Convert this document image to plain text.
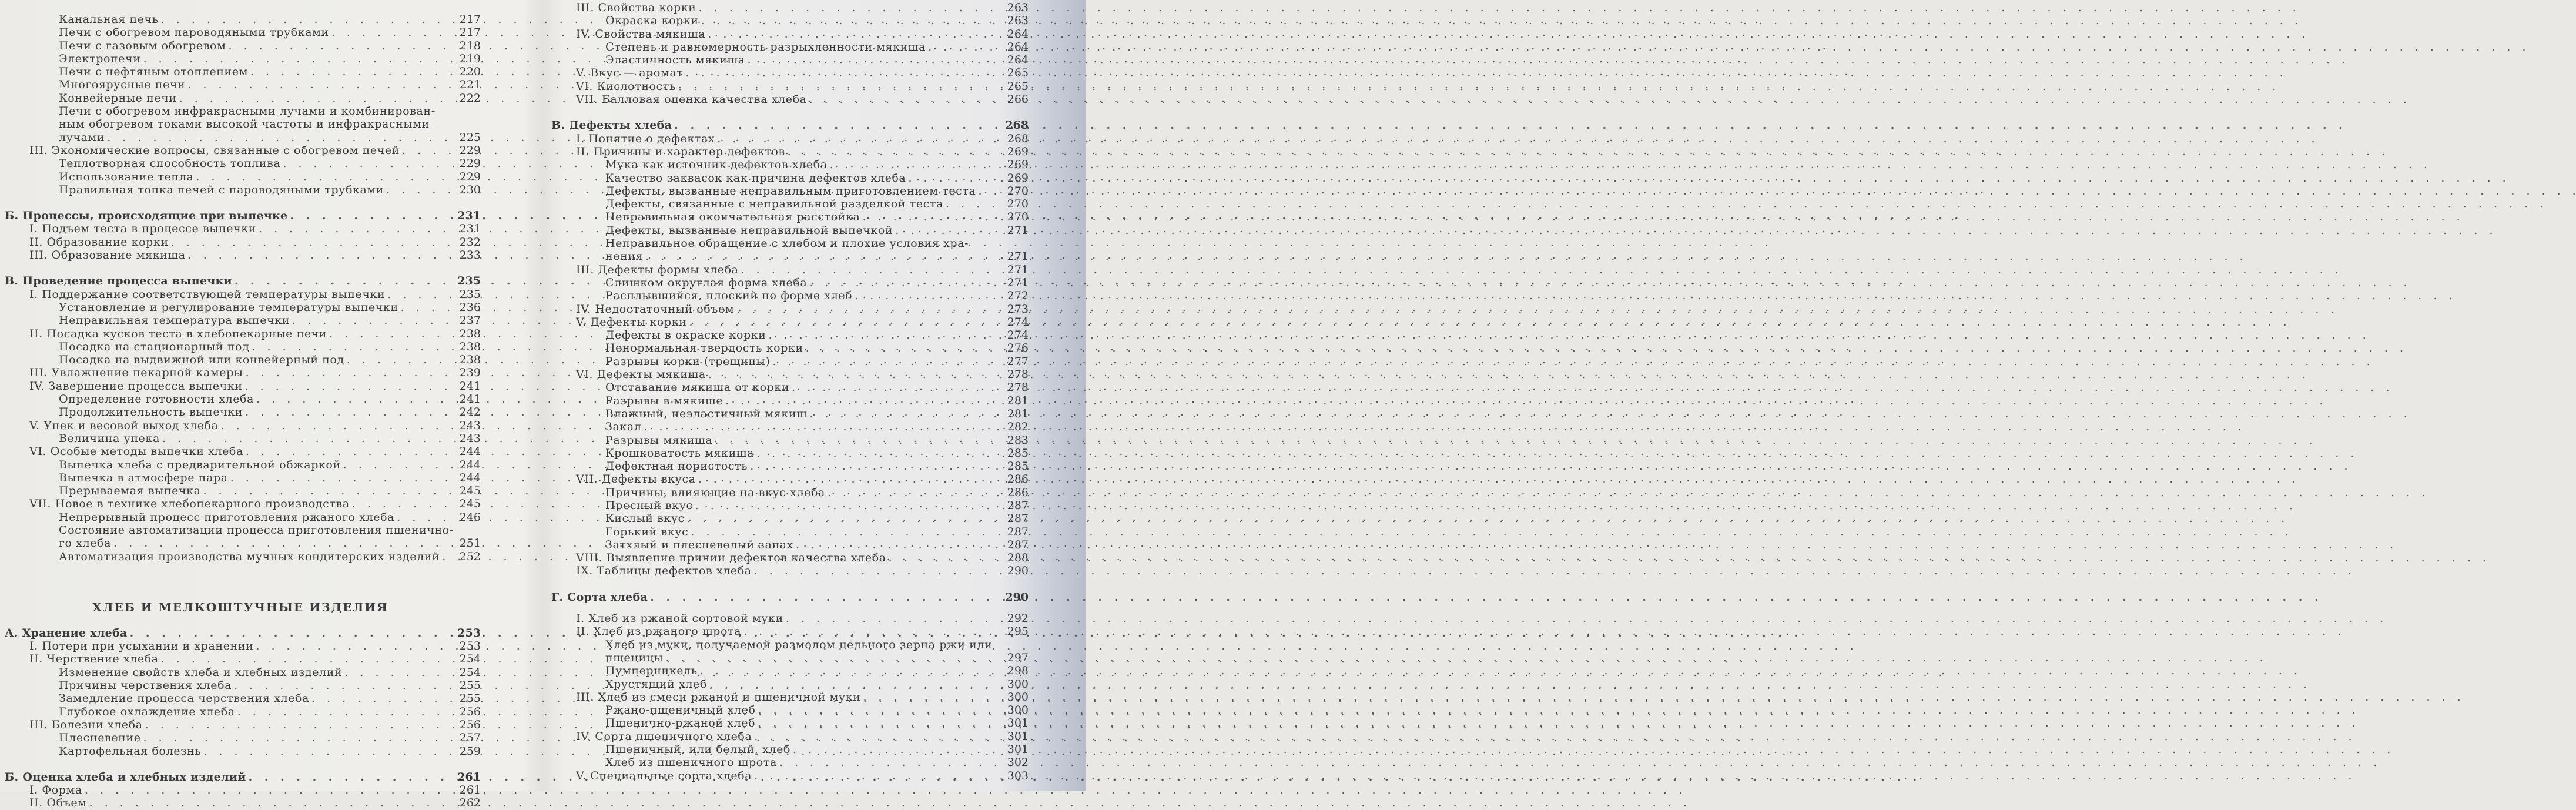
Канальная печь . . .	217
Печи с обогревом пароводяными трубками . . .	217
Печи с газовым обогревом . . .	218
Электропечи . . .	219
Печи с нефтяным отоплением . . .	220
Многоярусные печи . . .	221
Конвейерные печи . . .	222
Печи с обогревом инфракрасными лучами и комбинирован-
ным обогревом токами высокой частоты и инфракрасными
лучами . . .	225
III. Экономические вопросы, связанные с обогревом печей . . .	229
Теплотворная способность топлива . . .	229
Использование тепла . . .	229
Правильная топка печей с пароводяными трубками . . .	230
Б. Процессы, происходящие при выпечке . . .	231
I. Подъем теста в процессе выпечки . . .	231
II. Образование корки . . .	232
III. Образование мякиша . . .	233
В. Проведение процесса выпечки . . .	235
I. Поддержание соответствующей температуры выпечки . . .	235
Установление и регулирование температуры выпечки . . .	236
Неправильная температура выпечки . . .	237
II. Посадка кусков теста в хлебопекарные печи . . .	238
Посадка на стационарный под . . .	238
Посадка на выдвижной или конвейерный под . . .	238
III. Увлажнение пекарной камеры . . .	239
IV. Завершение процесса выпечки . . .	241
Определение готовности хлеба . . .	241
Продолжительность выпечки . . .	242
V. Упек и весовой выход хлеба . . .	243
Величина упека . . .	243
VI. Особые методы выпечки хлеба . . .	244
Выпечка хлеба с предварительной обжаркой . . .	244
Выпечка в атмосфере пара . . .	244
Прерываемая выпечка . . .	245
VII. Новое в технике хлебопекарного производства . . .	245
Непрерывный процесс приготовления ржаного хлеба . . .	246
Состояние автоматизации процесса приготовления пшенично-
го хлеба . . .	251
Автоматизация производства мучных кондитерских изделий . . .	252
ХЛЕБ И МЕЛКОШТУЧНЫЕ ИЗДЕЛИЯ
А. Хранение хлеба . . .	253
I. Потери при усыхании и хранении . . .	253
II. Черствение хлеба . . .	254
Изменение свойств хлеба и хлебных изделий . . .	254
Причины черствения хлеба . . .	255
Замедление процесса черствения хлеба . . .	255
Глубокое охлаждение хлеба . . .	256
III. Болезни хлеба . . .	256
Плесневение . . .	257
Картофельная болезнь . . .	259
Б. Оценка хлеба и хлебных изделий . . .	261
I. Форма . . .	261
II. Объем . . .	262
III. Свойства корки . . .	263
Окраска корки . . .	263
IV. Свойства мякиша . . .	264
Степень и равномерность разрыхленности мякиша . . .	264
Эластичность мякиша . . .	264
V. Вкус — аромат . . .	265
VI. Кислотность . . .	265
VII. Балловая оценка качества хлеба . . .	266
В. Дефекты хлеба . . .	268
I. Понятие о дефектах . . .	268
II. Причины и характер дефектов . . .	269
Мука как источник дефектов хлеба . . .	269
Качество заквасок как причина дефектов хлеба . . .	269
Дефекты, вызванные неправильным приготовлением теста . . .	270
Дефекты, связанные с неправильной разделкой теста . . .	270
Неправильная окончательная расстойка . . .	270
Дефекты, вызванные неправильной выпечкой . . .	271
Неправильное обращение с хлебом и плохие условия хра-
нения . . .	271
III. Дефекты формы хлеба . . .	271
Слишком округлая форма хлеба . . .	271
Расплывшийся, плоский по форме хлеб . . .	272
IV. Недостаточный объем . . .	273
V. Дефекты корки . . .	274
Дефекты в окраске корки . . .	274
Ненормальная твердость корки . . .	276
Разрывы корки (трещины) . . .	277
VI. Дефекты мякиша . . .	278
Отставание мякиша от корки . . .	278
Разрывы в мякише . . .	281
Влажный, неэластичный мякиш . . .	281
Закал . . .	282
Разрывы мякиша . . .	283
Крошковатость мякиша . . .	285
Дефектная пористость . . .	285
VII. Дефекты вкуса . . .	286
Причины, влияющие на вкус хлеба . . .	286
Пресный вкус . . .	287
Кислый вкус . . .	287
Горький вкус . . .	287
Затхлый и плесневелый запах . . .	287
VIII. Выявление причин дефектов качества хлеба . . .	288
IX. Таблицы дефектов хлеба . . .	290
Г. Сорта хлеба . . .	290
I. Хлеб из ржаной сортовой муки . . .	292
II. Хлеб из ржаного шрота . . .	295
Хлеб из муки, получаемой размолом цельного зерна ржи или
пшеницы . . .	297
Пумперникель . . .	298
Хрустящий хлеб . . .	300
III. Хлеб из смеси ржаной и пшеничной муки . . .	300
Ржано-пшеничный хлеб . . .	300
Пшенично-ржаной хлеб . . .	301
IV. Сорта пшеничного хлеба . . .	301
Пшеничный, или белый, хлеб . . .	301
Хлеб из пшеничного шрота . . .	302
V. Специальные сорта хлеба . . .	303
